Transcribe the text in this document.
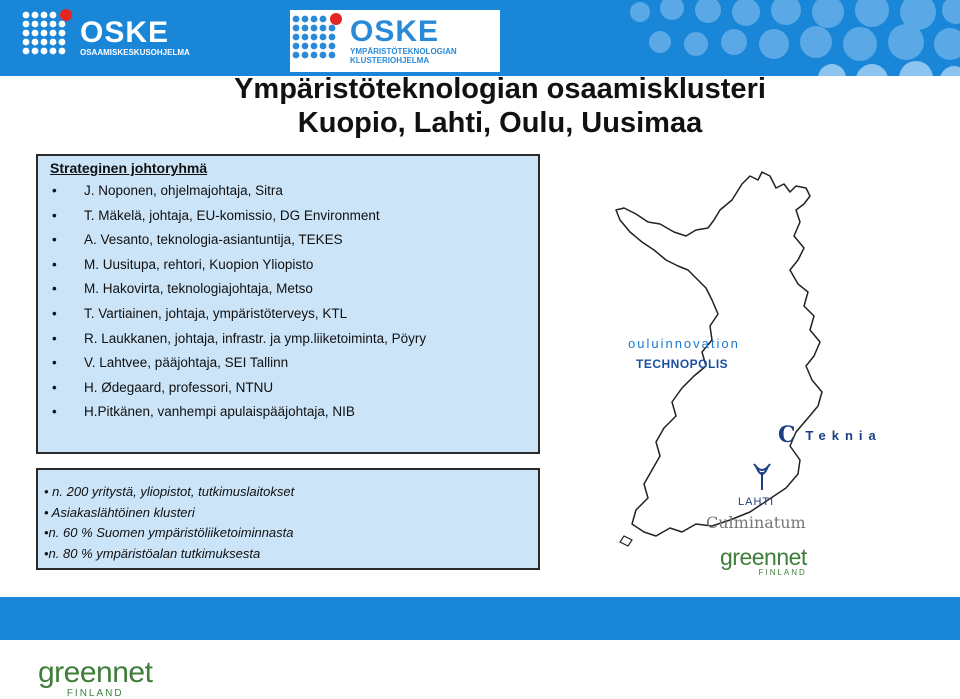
OSKE
OSAAMISKESKUSOHJELMA
OSKE
YMPÄRISTÖTEKNOLOGIAN
KLUSTERIOHJELMA
Ympäristöteknologian osaamisklusteri
Kuopio, Lahti, Oulu, Uusimaa
Strateginen johtoryhmä
• J. Noponen, ohjelmajohtaja, Sitra
• T. Mäkelä, johtaja, EU-komissio, DG Environment
• A. Vesanto, teknologia-asiantuntija, TEKES
• M. Uusitupa, rehtori, Kuopion Yliopisto
• M. Hakovirta, teknologiajohtaja, Metso
• T. Vartiainen, johtaja, ympäristöterveys, KTL
• R. Laukkanen, johtaja, infrastr. ja ymp.liiketoiminta, Pöyry
• V. Lahtvee, pääjohtaja, SEI Tallinn
• H. Ødegaard, professori, NTNU
• H.Pitkänen, vanhempi apulaispääjohtaja, NIB
• n. 200 yritystä, yliopistot, tutkimuslaitokset
• Asiakaslähtöinen klusteri
•n. 60 % Suomen ympäristöliiketoiminnasta
•n. 80 % ympäristöalan tutkimuksesta
ouluinnovation
TECHNOPOLIS
C Teknia
LAHTI
Culminatum
greennet
FINLAND
greennet
FINLAND
